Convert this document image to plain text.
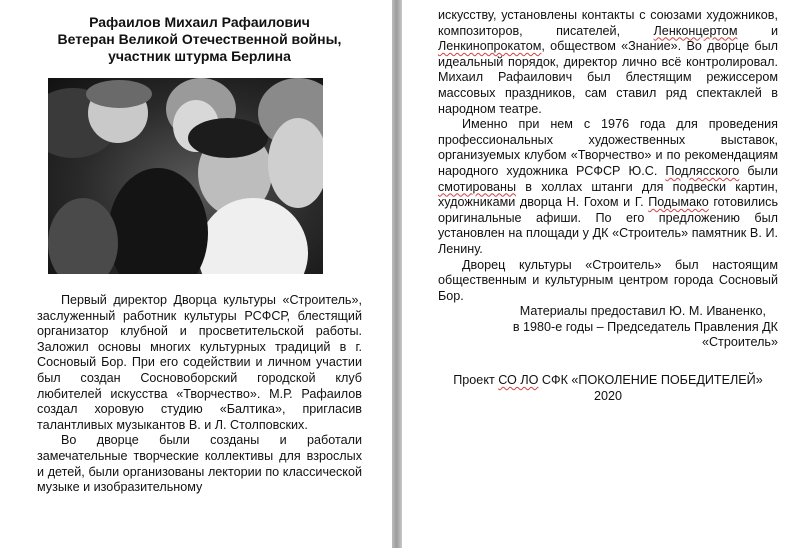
Рафаилов Михаил Рафаилович
Ветеран Великой Отечественной войны,
участник штурма Берлина

Первый директор Дворца культуры «Строитель», заслуженный работник культуры РСФСР, блестящий организатор клубной и просветительской работы. Заложил основы многих культурных традиций в г. Сосновый Бор. При его содействии и личном участии был создан Сосновоборский городской клуб любителей искусства «Творчество». М.Р. Рафаилов создал хоровую студию «Балтика», пригласив талантливых музыкантов В. и Л. Столповских.

Во дворце были созданы и работали замечательные творческие коллективы для взрослых и детей, были организованы лектории по классической музыке и изобразительному

искусству, установлены контакты с союзами художников, композиторов, писателей, Ленконцертом и Ленкинопрокатом, обществом «Знание». Во дворце был идеальный порядок, директор лично всё контролировал. Михаил Рафаилович был блестящим режиссером массовых праздников, сам ставил ряд спектаклей в народном театре.

Именно при нем с 1976 года для проведения профессиональных художественных выставок, организуемых клубом «Творчество» и по рекомендациям народного художника РСФСР Ю.С. Подлясского были смотированы в холлах штанги для подвески картин, художниками дворца Н. Гохом и Г. Подымако готовились оригинальные афиши. По его предложению был установлен на площади у ДК «Строитель» памятник В. И. Ленину.

Дворец культуры «Строитель» был настоящим общественным и культурным центром города Сосновый Бор.

Материалы предоставил Ю. М. Иваненко,
в 1980-е годы – Председатель Правления ДК «Строитель»

Проект СО ЛО СФК «ПОКОЛЕНИЕ ПОБЕДИТЕЛЕЙ»
2020
